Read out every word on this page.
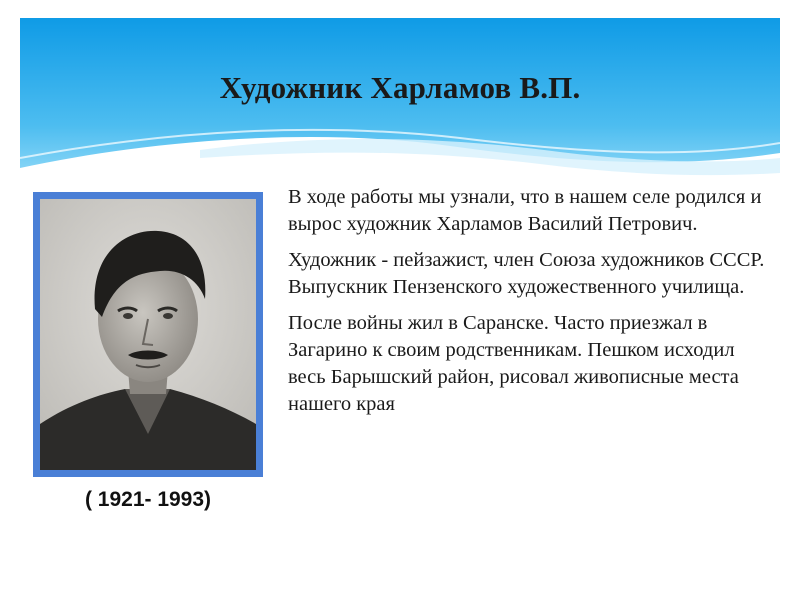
Художник Харламов В.П.
( 1921- 1993)

В ходе работы мы узнали, что в нашем селе родился и вырос художник Харламов Василий Петрович.

Художник - пейзажист, член Союза художников СССР. Выпускник Пензенского художественного училища.

После войны жил в Саранске. Часто приезжал в Загарино к своим родственникам. Пешком исходил весь Барышский район, рисовал живописные места нашего края
